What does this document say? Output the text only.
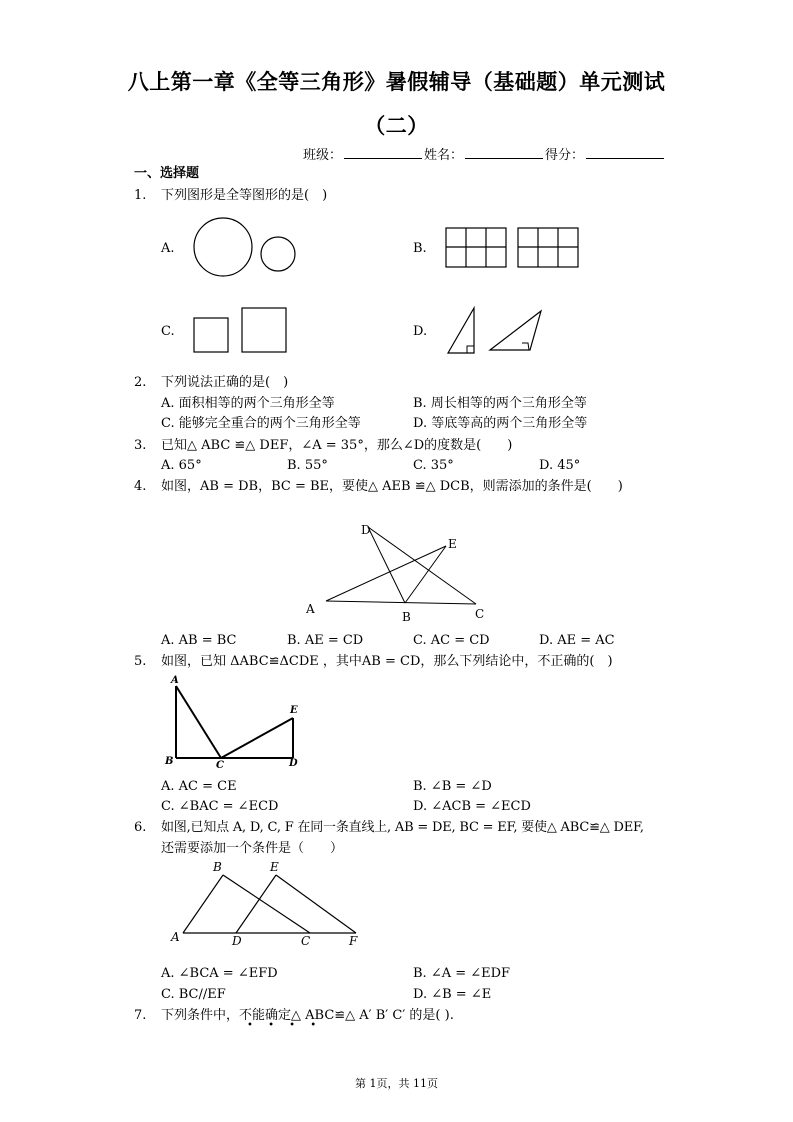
八上第一章《全等三角形》暑假辅导（基础题）单元测试
（二）
班级：	姓名：	得分：
一、选择题
1. 下列图形是全等图形的是(　)
A.	B.
C.	D.
2. 下列说法正确的是(　)
A. 面积相等的两个三角形全等	B. 周长相等的两个三角形全等
C. 能够完全重合的两个三角形全等	D. 等底等高的两个三角形全等
3. 已知△ ABC ≌△ DEF，∠A = 35°，那么∠D的度数是(　　)
A. 65°	B. 55°	C. 35°	D. 45°
4. 如图，AB = DB，BC = BE，要使△ AEB ≌△ DCB，则需添加的条件是(　　)
D
E
A
B	C
A. AB = BC	B. AE = CD	C. AC = CD	D. AE = AC
5. 如图，已知 ΔABC≌ΔCDE ，其中AB = CD，那么下列结论中，不正确的(　)
A
B	C	D
E
A. AC = CE	B. ∠B = ∠D
C. ∠BAC = ∠ECD	D. ∠ACB = ∠ECD
6. 如图,已知点 A, D, C, F 在同一条直线上, AB = DE, BC = EF, 要使△ ABC≌△ DEF,
还需要添加一个条件是（　　）
B	E
A	D	C	F
A. ∠BCA = ∠EFD	B. ∠A = ∠EDF
C. BC//EF	D. ∠B = ∠E
7. 下列条件中，不能确定△ ABC≌△ A′ B′ C′ 的是( ).
• • • •
第 1页，共 11页
